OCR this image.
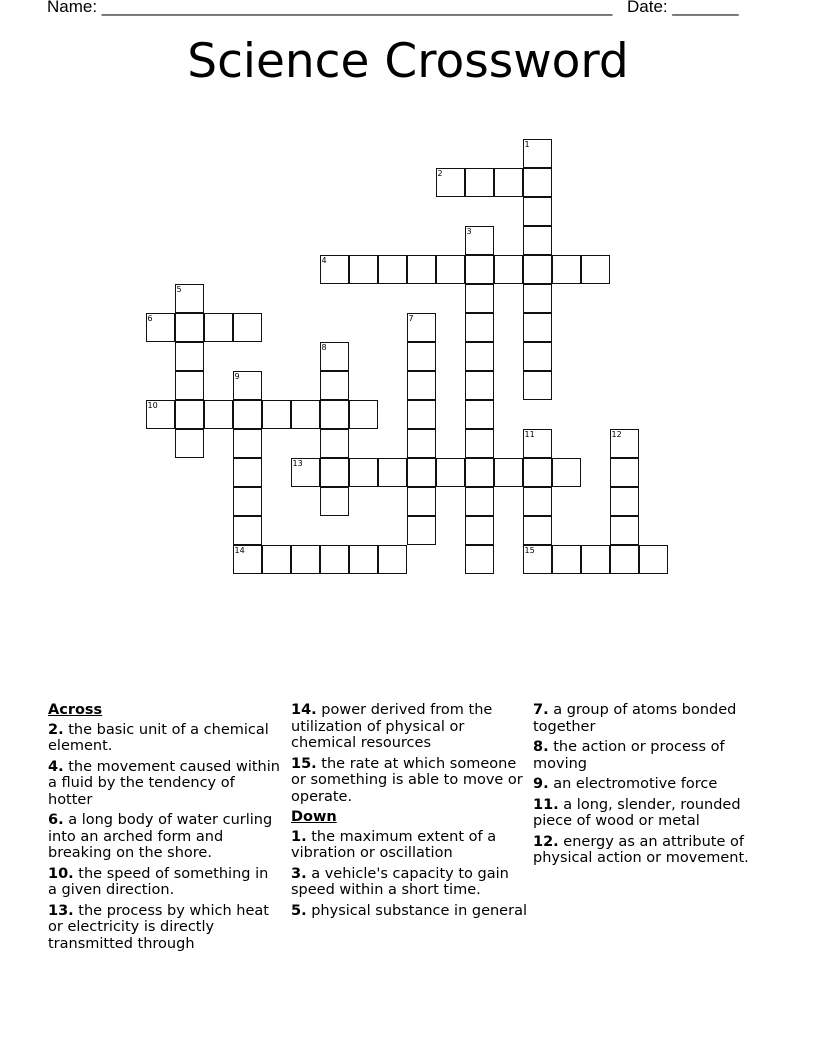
Name: ______________________________________________________ Date: _______
Science Crossword
1
2
3
4
5
6	7
8
9
14
10
11
15
12
13
Across
2. the basic unit of a chemical element.
4. the movement caused within a fluid by the tendency of hotter
6. a long body of water curling into an arched form and breaking on the shore.
10. the speed of something in a given direction.
13. the process by which heat or electricity is directly transmitted through
14. power derived from the utilization of physical or chemical resources
15. the rate at which someone or something is able to move or operate.
Down
1. the maximum extent of a vibration or oscillation
3. a vehicle's capacity to gain speed within a short time.
5. physical substance in general
7. a group of atoms bonded together
8. the action or process of moving
9. an electromotive force
11. a long, slender, rounded piece of wood or metal
12. energy as an attribute of physical action or movement.
